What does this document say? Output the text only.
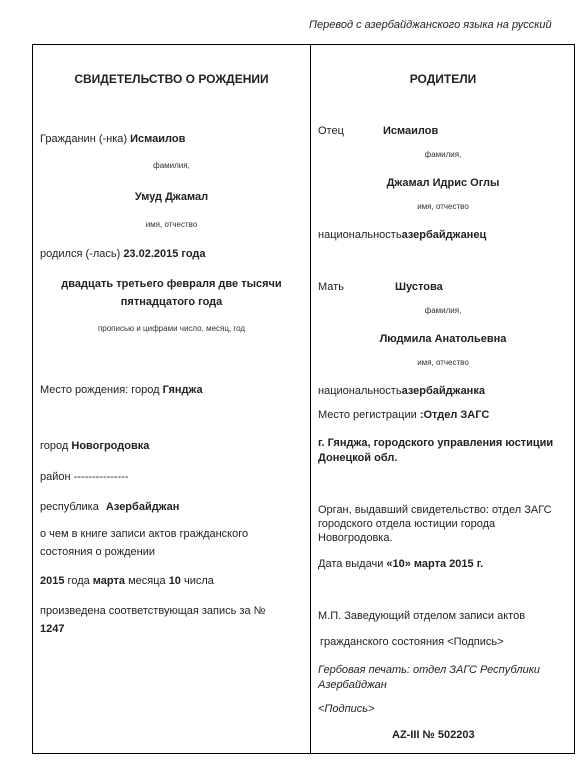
Перевод с азербайджанского языка на русский
СВИДЕТЕЛЬСТВО О РОЖДЕНИИ
Гражданин (-нка) Исмаилов
фамилия,
Умуд Джамал
имя, отчество
родился (-лась) 23.02.2015 года
двадцать третьего февраля две тысячи
пятнадцатого года
прописью и цифрами число, месяц, год
Место рождения: город Гянджа
город Новогродовка
район ---------------
республика Азербайджан
о чем в книге записи актов гражданского
состояния о рождении
2015 года марта месяца 10 числа
произведена соответствующая запись за №
1247
РОДИТЕЛИ
Отец	Исмаилов
фамилия,
Джамал Идрис Оглы
имя, отчество
национальностьазербайджанец
Мать	Шустова
фамилия,
Людмила Анатольевна
имя, отчество
национальностьазербайджанка
Место регистрации :Отдел ЗАГС
г. Гянджа, городского управления юстиции Донецкой обл.
Орган, выдавший свидетельство: отдел ЗАГС городского отдела юстиции города Новогродовка.
Дата выдачи «10» марта 2015 г.
М.П. Заведующий отделом записи актов
гражданского состояния <Подпись>
Гербовая печать: отдел ЗАГС Республики Азербайджан
<Подпись>
AZ-III № 502203
